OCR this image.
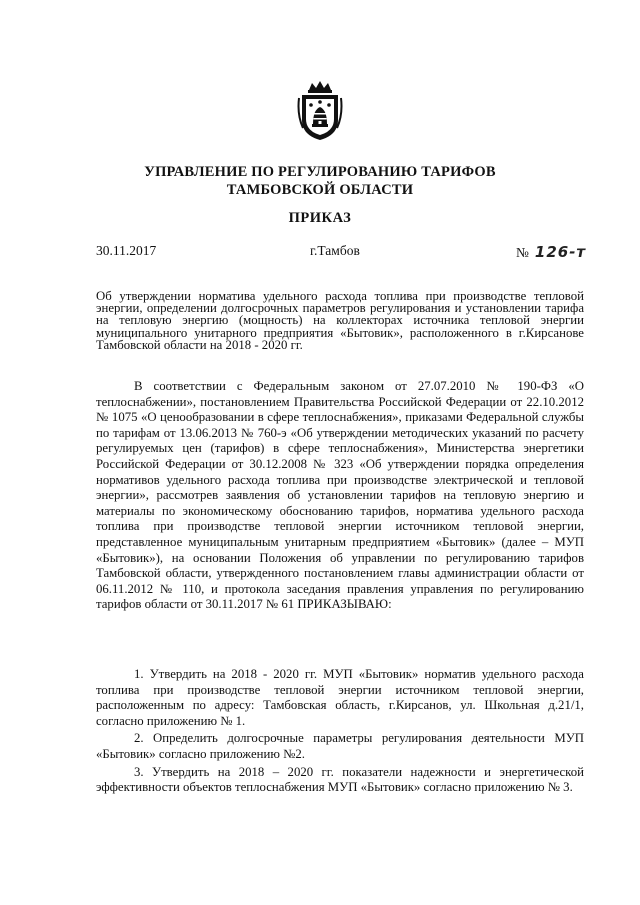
УПРАВЛЕНИЕ ПО РЕГУЛИРОВАНИЮ ТАРИФОВ
ТАМБОВСКОЙ ОБЛАСТИ
ПРИКАЗ
30.11.2017	г.Тамбов	№ 126-т

Об утверждении норматива удельного расхода топлива при производстве тепловой энергии, определении долгосрочных параметров регулирования и установлении тарифа на тепловую энергию (мощность) на коллекторах источника тепловой энергии муниципального унитарного предприятия «Бытовик», расположенного в г.Кирсанове Тамбовской области на 2018 - 2020 гг.

В соответствии с Федеральным законом от 27.07.2010 № 190-ФЗ «О теплоснабжении», постановлением Правительства Российской Федерации от 22.10.2012 № 1075 «О ценообразовании в сфере теплоснабжения», приказами Федеральной службы по тарифам от 13.06.2013 № 760-э «Об утверждении методических указаний по расчету регулируемых цен (тарифов) в сфере теплоснабжения», Министерства энергетики Российской Федерации от 30.12.2008 № 323 «Об утверждении порядка определения нормативов удельного расхода топлива при производстве электрической и тепловой энергии», рассмотрев заявления об установлении тарифов на тепловую энергию и материалы по экономическому обоснованию тарифов, норматива удельного расхода топлива при производстве тепловой энергии источником тепловой энергии, представленное муниципальным унитарным предприятием «Бытовик» (далее – МУП «Бытовик»), на основании Положения об управлении по регулированию тарифов Тамбовской области, утвержденного постановлением главы администрации области от 06.11.2012 № 110, и протокола заседания правления управления по регулированию тарифов области от 30.11.2017 № 61 ПРИКАЗЫВАЮ:

1. Утвердить на 2018 - 2020 гг. МУП «Бытовик» норматив удельного расхода топлива при производстве тепловой энергии источником тепловой энергии, расположенным по адресу: Тамбовская область, г.Кирсанов, ул. Школьная д.21/1, согласно приложению № 1.

2. Определить долгосрочные параметры регулирования деятельности МУП «Бытовик» согласно приложению №2.

3. Утвердить на 2018 – 2020 гг. показатели надежности и энергетической эффективности объектов теплоснабжения МУП «Бытовик» согласно приложению № 3.
